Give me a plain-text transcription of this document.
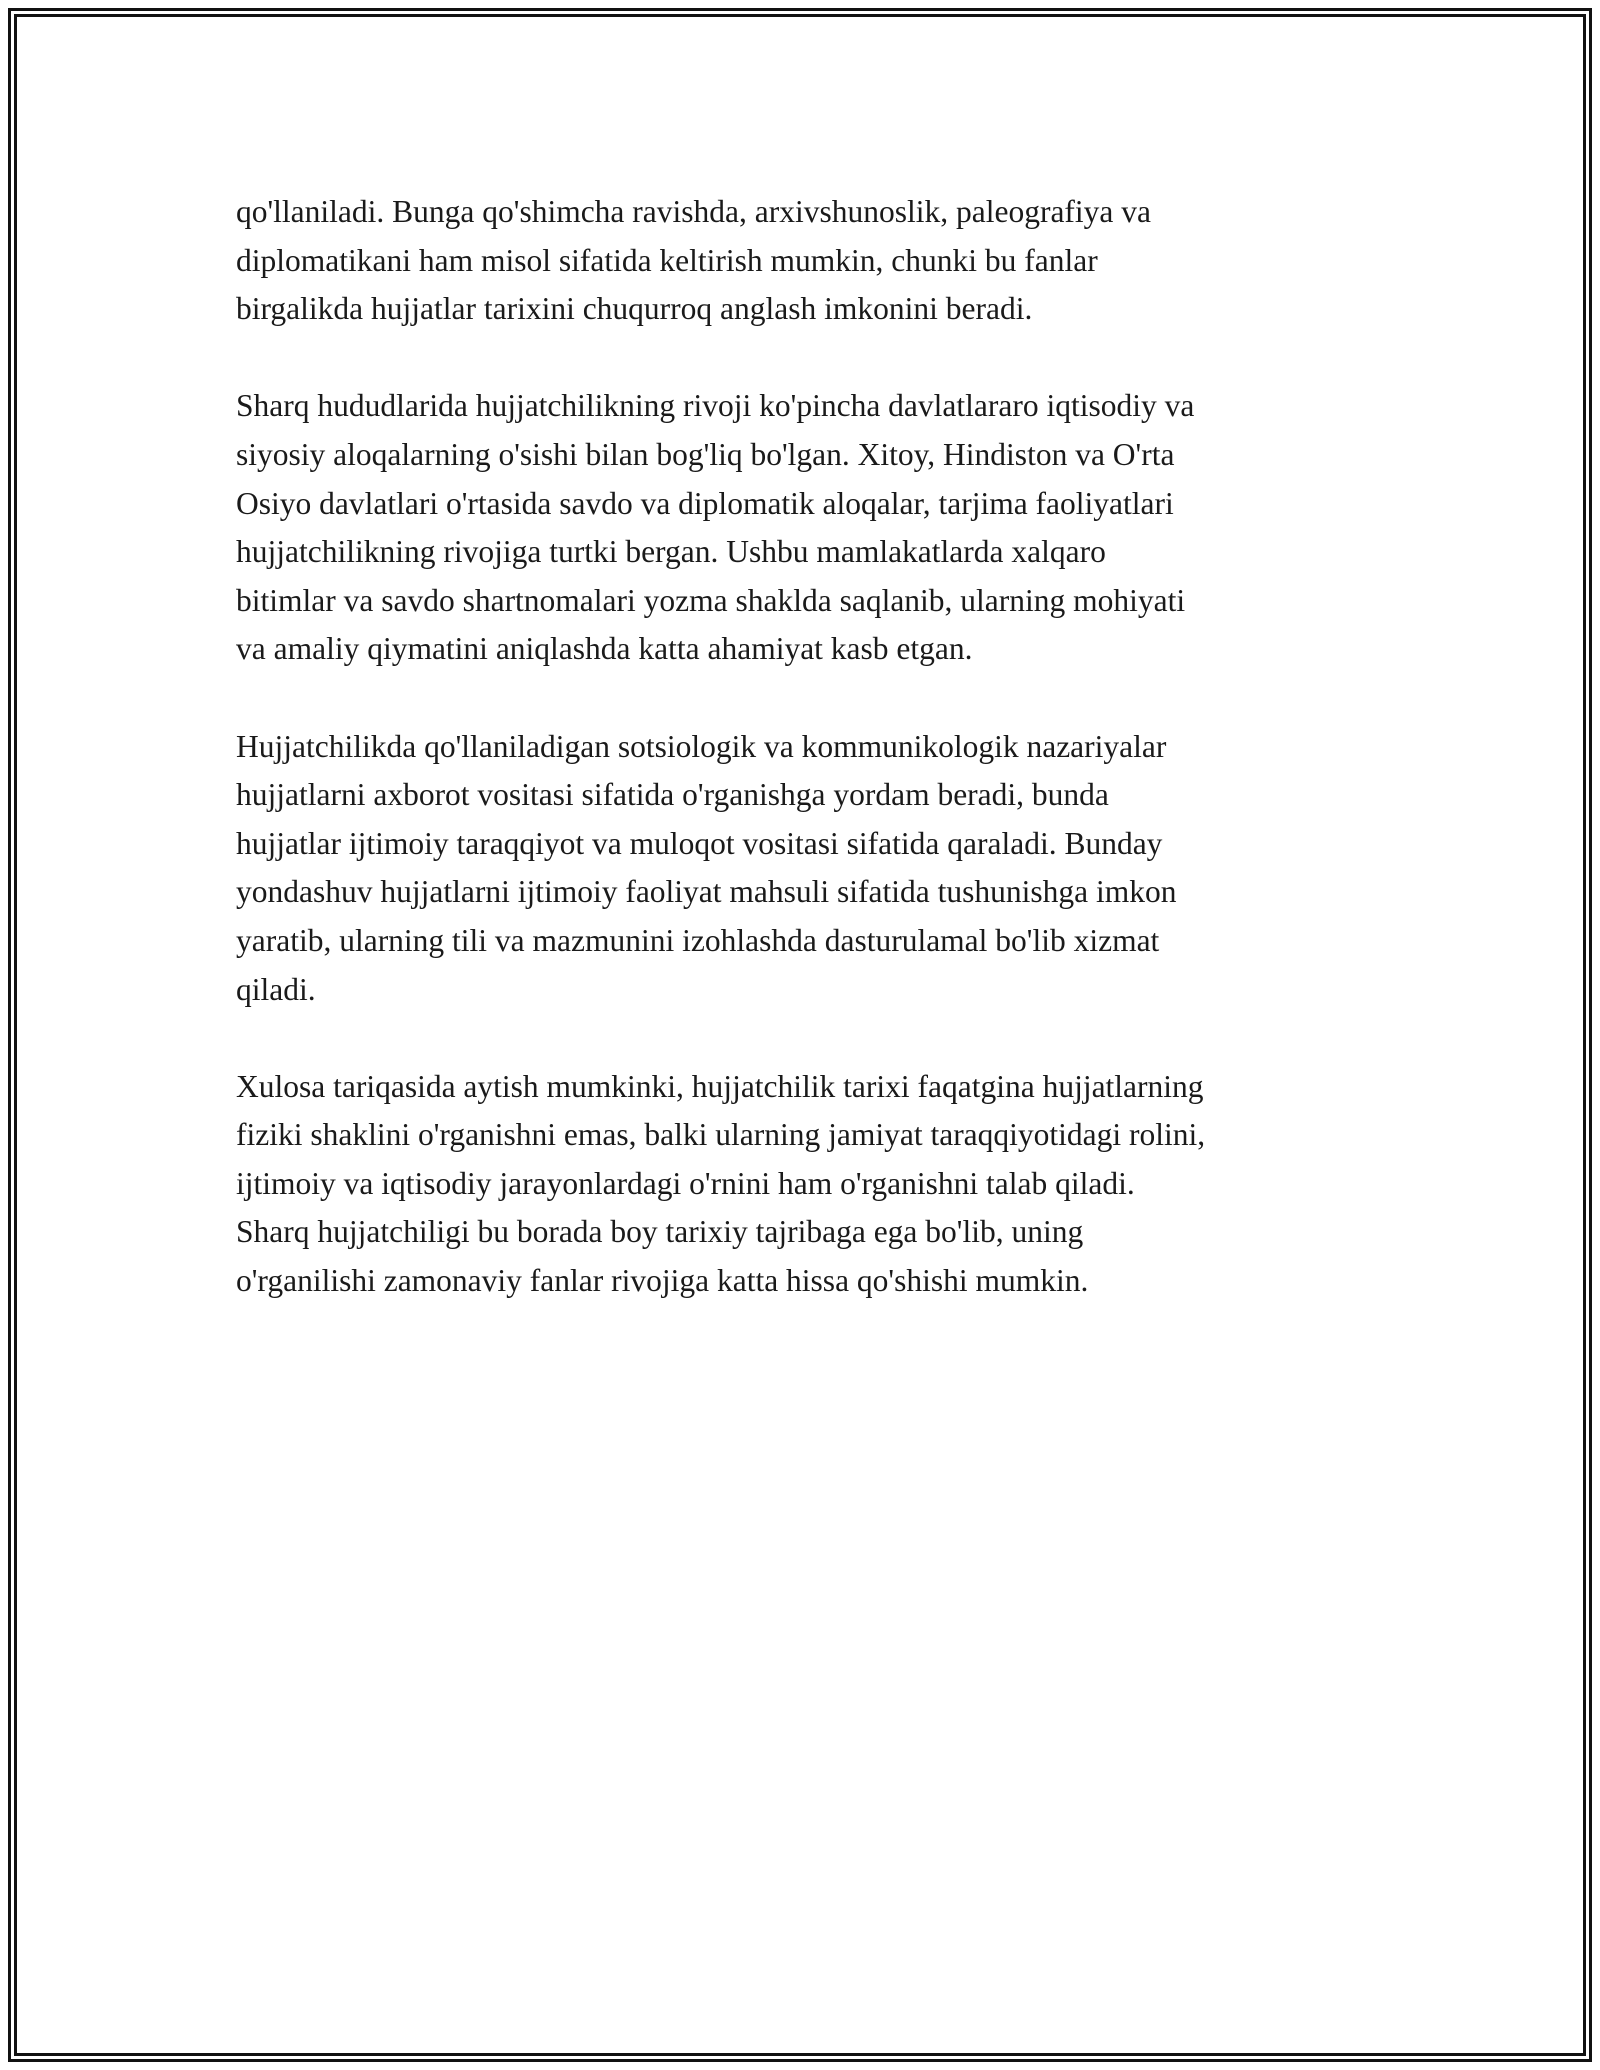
qo'llaniladi. Bunga qo'shimcha ravishda, arxivshunoslik, paleografiya va
diplomatikani ham misol sifatida keltirish mumkin, chunki bu fanlar
birgalikda hujjatlar tarixini chuqurroq anglash imkonini beradi.

Sharq hududlarida hujjatchilikning rivoji ko'pincha davlatlararo iqtisodiy va
siyosiy aloqalarning o'sishi bilan bog'liq bo'lgan. Xitoy, Hindiston va O'rta
Osiyo davlatlari o'rtasida savdo va diplomatik aloqalar, tarjima faoliyatlari
hujjatchilikning rivojiga turtki bergan. Ushbu mamlakatlarda xalqaro
bitimlar va savdo shartnomalari yozma shaklda saqlanib, ularning mohiyati
va amaliy qiymatini aniqlashda katta ahamiyat kasb etgan.

Hujjatchilikda qo'llaniladigan sotsiologik va kommunikologik nazariyalar
hujjatlarni axborot vositasi sifatida o'rganishga yordam beradi, bunda
hujjatlar ijtimoiy taraqqiyot va muloqot vositasi sifatida qaraladi. Bunday
yondashuv hujjatlarni ijtimoiy faoliyat mahsuli sifatida tushunishga imkon
yaratib, ularning tili va mazmunini izohlashda dasturulamal bo'lib xizmat
qiladi.

Xulosa tariqasida aytish mumkinki, hujjatchilik tarixi faqatgina hujjatlarning
fiziki shaklini o'rganishni emas, balki ularning jamiyat taraqqiyotidagi rolini,
ijtimoiy va iqtisodiy jarayonlardagi o'rnini ham o'rganishni talab qiladi.
Sharq hujjatchiligi bu borada boy tarixiy tajribaga ega bo'lib, uning
o'rganilishi zamonaviy fanlar rivojiga katta hissa qo'shishi mumkin.
